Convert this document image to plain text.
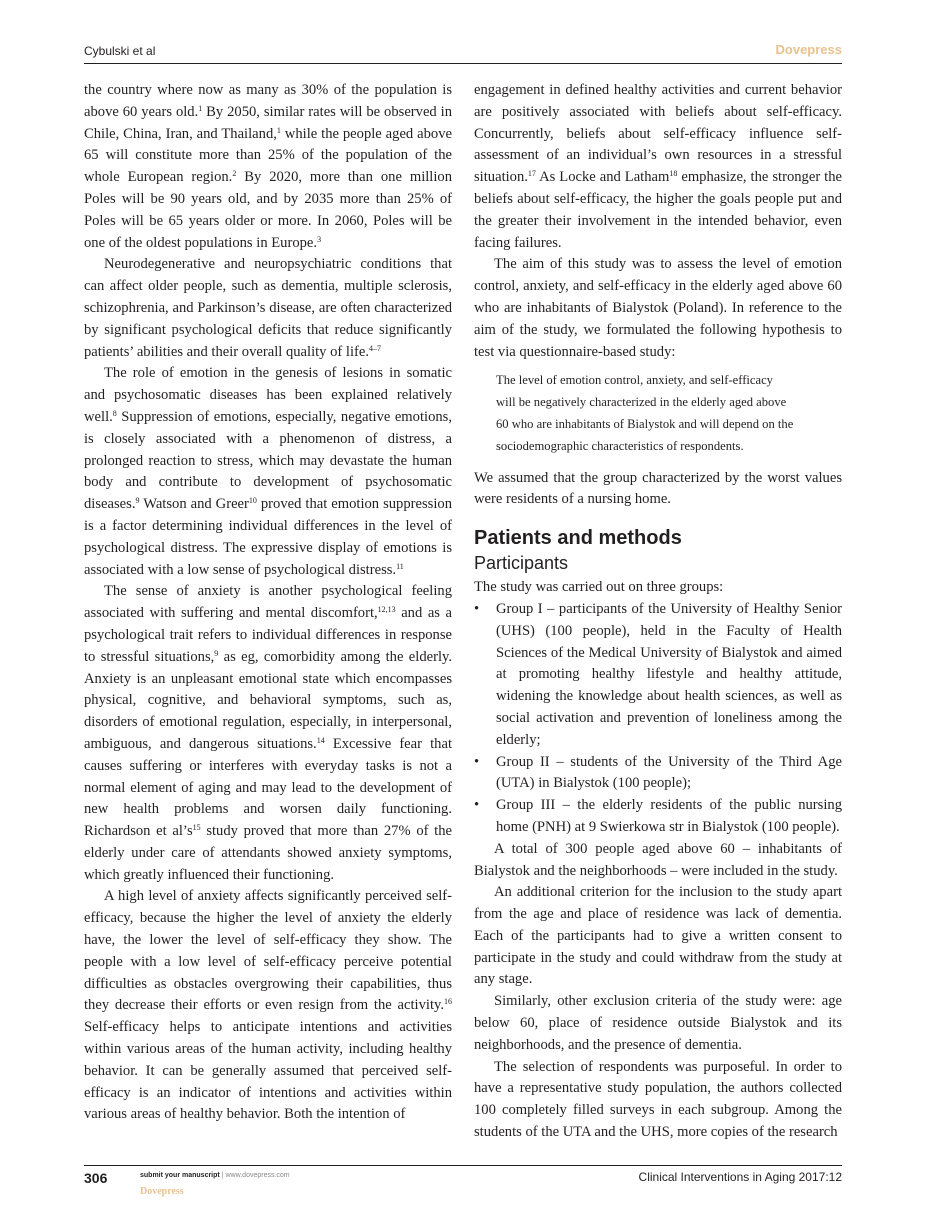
Cybulski et al	Dovepress

the country where now as many as 30% of the population is above 60 years old.$^1$ By 2050, similar rates will be observed in Chile, China, Iran, and Thailand,$^1$ while the people aged above 65 will constitute more than 25% of the population of the whole European region.$^2$ By 2020, more than one million Poles will be 90 years old, and by 2035 more than 25% of Poles will be 65 years older or more. In 2060, Poles will be one of the oldest populations in Europe.$^3$

Neurodegenerative and neuropsychiatric conditions that can affect older people, such as dementia, multiple sclerosis, schizophrenia, and Parkinson’s disease, are often characterized by significant psychological deficits that reduce significantly patients’ abilities and their overall quality of life.$^{4-7}$

The role of emotion in the genesis of lesions in somatic and psychosomatic diseases has been explained relatively well.$^8$ Suppression of emotions, especially, negative emotions, is closely associated with a phenomenon of distress, a prolonged reaction to stress, which may devastate the human body and contribute to development of psychosomatic diseases.$^9$ Watson and Greer$^{10}$ proved that emotion suppression is a factor determining individual differences in the level of psychological distress. The expressive display of emotions is associated with a low sense of psychological distress.$^{11}$

The sense of anxiety is another psychological feeling associated with suffering and mental discomfort,$^{12,13}$ and as a psychological trait refers to individual differences in response to stressful situations,$^9$ as eg, comorbidity among the elderly. Anxiety is an unpleasant emotional state which encompasses physical, cognitive, and behavioral symptoms, such as, disorders of emotional regulation, especially, in interpersonal, ambiguous, and dangerous situations.$^{14}$ Excessive fear that causes suffering or interferes with everyday tasks is not a normal element of aging and may lead to the development of new health problems and worsen daily functioning. Richardson et $al’s^{15}$ study proved that more than 27% of the elderly under care of attendants showed anxiety symptoms, which greatly influenced their functioning.

A high level of anxiety affects significantly perceived self-efficacy, because the higher the level of anxiety the elderly have, the lower the level of self-efficacy they show. The people with a low level of self-efficacy perceive potential difficulties as obstacles overgrowing their capabilities, thus they decrease their efforts or even resign from the activity.$^{16}$ Self-efficacy helps to anticipate intentions and activities within various areas of the human activity, including healthy behavior. It can be generally assumed that perceived self-efficacy is an indicator of intentions and activities within various areas of healthy behavior. Both the intention of

engagement in defined healthy activities and current behavior are positively associated with beliefs about self-efficacy. Concurrently, beliefs about self-efficacy influence self-assessment of an individual’s own resources in a stressful situation.$^{17}$ As Locke and Latham$^{18}$ emphasize, the stronger the beliefs about self-efficacy, the higher the goals people put and the greater their involvement in the intended behavior, even facing failures.

The aim of this study was to assess the level of emotion control, anxiety, and self-efficacy in the elderly aged above 60 who are inhabitants of Bialystok (Poland). In reference to the aim of the study, we formulated the following hypothesis to test via questionnaire-based study:

The level of emotion control, anxiety, and self-efficacy
will be negatively characterized in the elderly aged above
60 who are inhabitants of Bialystok and will depend on the
sociodemographic characteristics of respondents.

We assumed that the group characterized by the worst values were residents of a nursing home.

Patients and methods
Participants

The study was carried out on three groups:

• Group I – participants of the University of Healthy Senior (UHS) (100 people), held in the Faculty of Health Sciences of the Medical University of Bialystok and aimed at promoting healthy lifestyle and healthy attitude, widening the knowledge about health sciences, as well as social activation and prevention of loneliness among the elderly;
• Group II – students of the University of the Third Age (UTA) in Bialystok (100 people);
• Group III – the elderly residents of the public nursing home (PNH) at 9 Swierkowa str in Bialystok (100 people).

A total of 300 people aged above 60 – inhabitants of Bialystok and the neighborhoods – were included in the study.

An additional criterion for the inclusion to the study apart from the age and place of residence was lack of dementia. Each of the participants had to give a written consent to participate in the study and could withdraw from the study at any stage.

Similarly, other exclusion criteria of the study were: age below 60, place of residence outside Bialystok and its neighborhoods, and the presence of dementia.

The selection of respondents was purposeful. In order to have a representative study population, the authors collected 100 completely filled surveys in each subgroup. Among the students of the UTA and the UHS, more copies of the research

306	submit your manuscript | www.dovepress.com
Dovepress
Clinical Interventions in Aging 2017:12
